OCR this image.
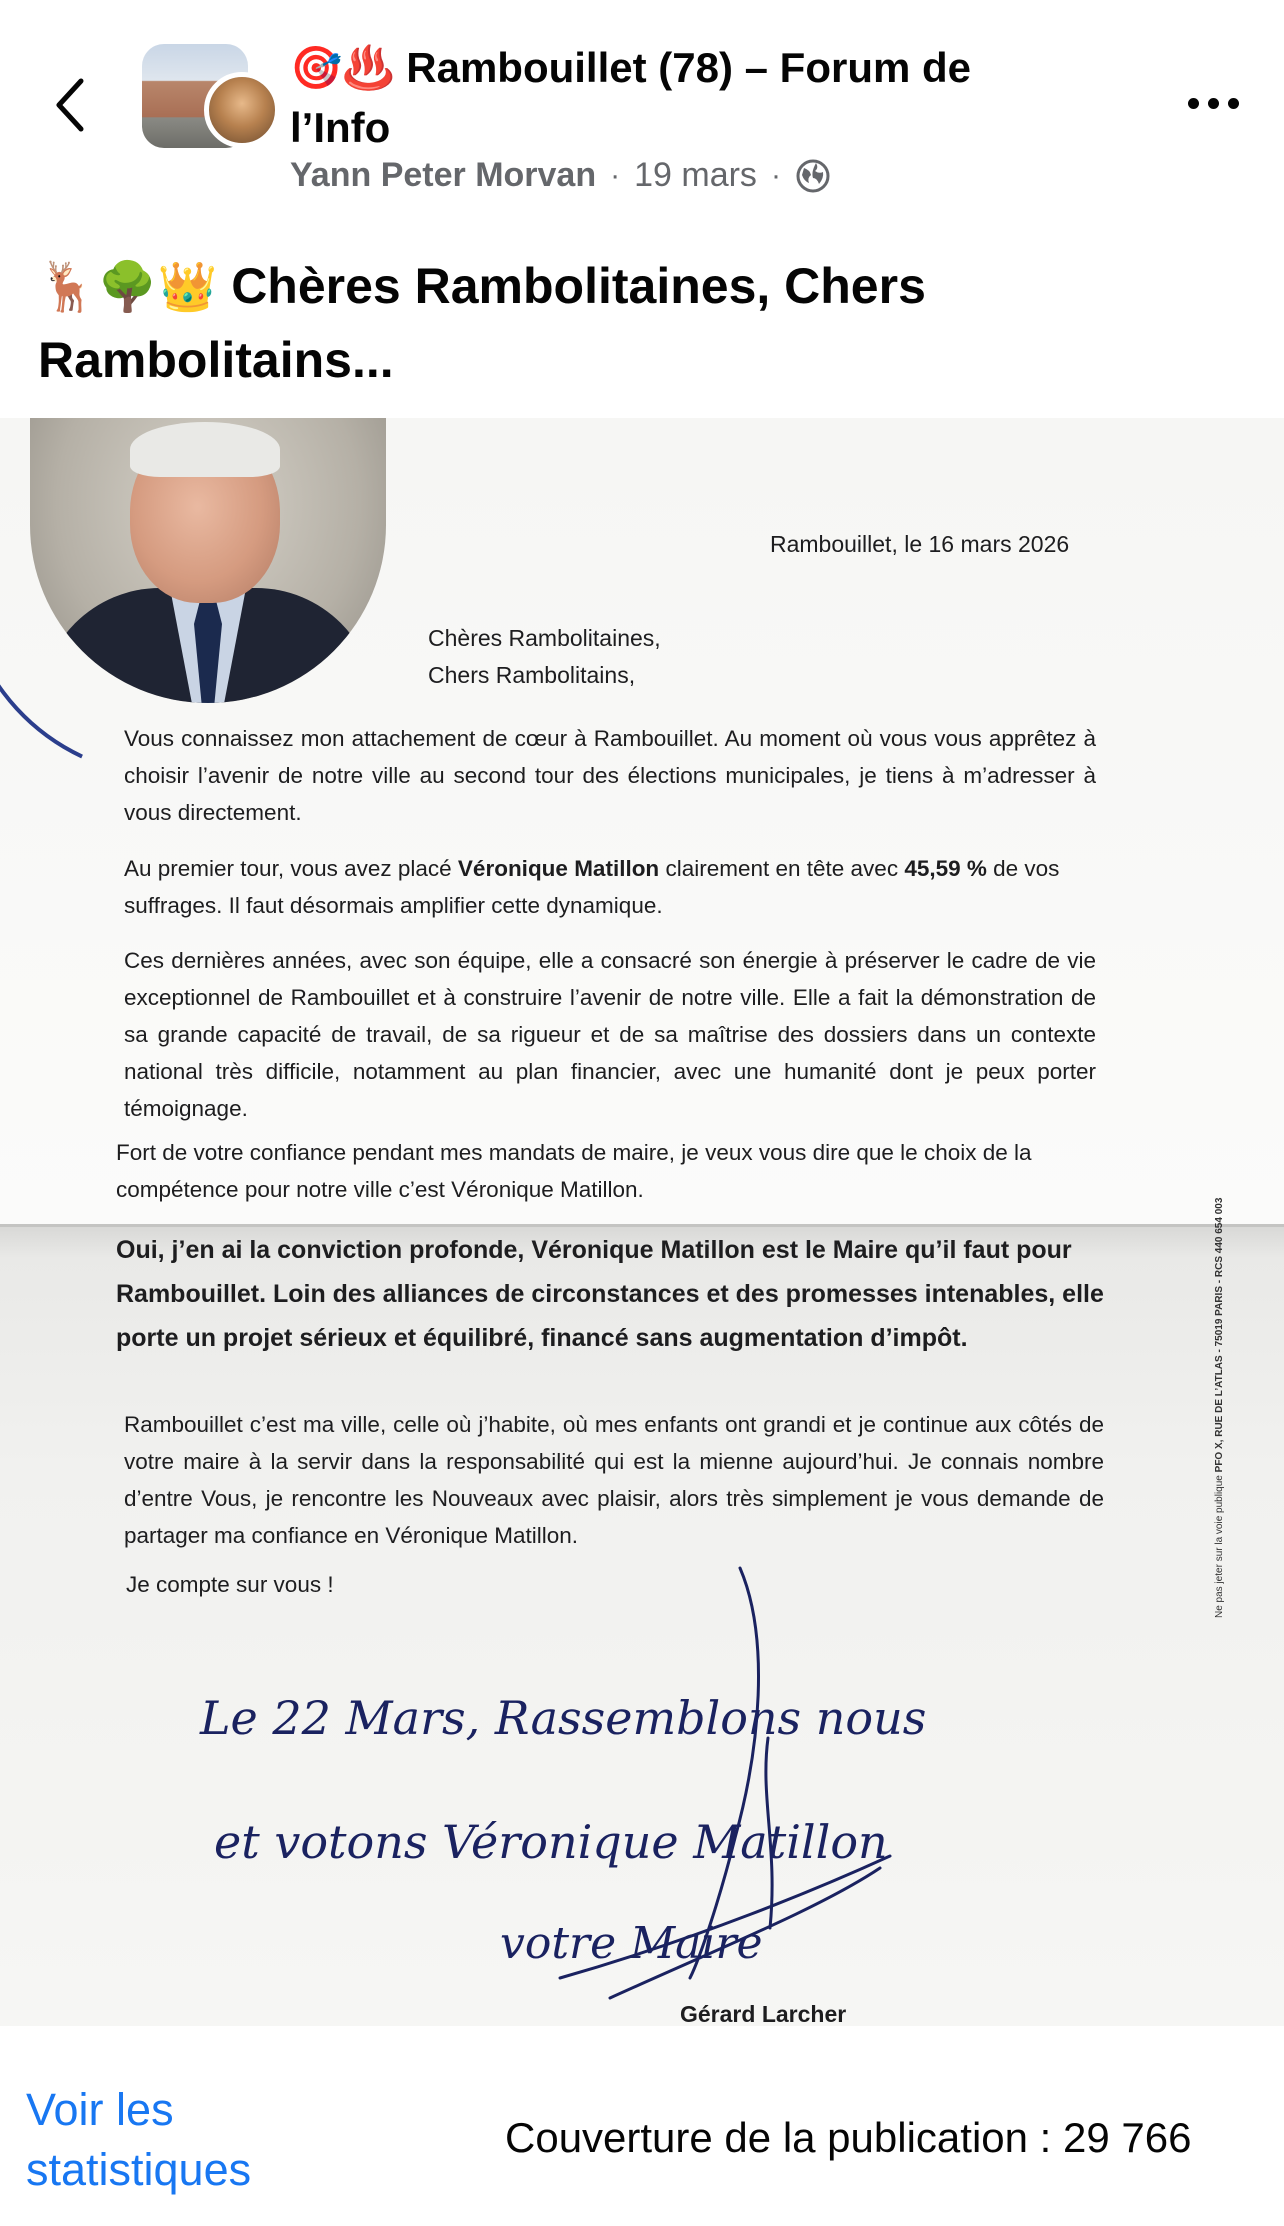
🎯♨️ Rambouillet (78) – Forum de l’Info
Yann Peter Morvan · 19 mars ·
🦌🌳👑 Chères Rambolitaines, Chers Rambolitains...
Rambouillet, le 16 mars 2026
Chères Rambolitaines,
Chers Rambolitains,
Vous connaissez mon attachement de cœur à Rambouillet. Au moment où vous vous apprêtez à choisir l’avenir de notre ville au second tour des élections municipales, je tiens à m’adresser à vous directement.
Au premier tour, vous avez placé Véronique Matillon clairement en tête avec 45,59 % de vos suffrages. Il faut désormais amplifier cette dynamique.
Ces dernières années, avec son équipe, elle a consacré son énergie à préserver le cadre de vie exceptionnel de Rambouillet et à construire l’avenir de notre ville. Elle a fait la démonstration de sa grande capacité de travail, de sa rigueur et de sa maîtrise des dossiers dans un contexte national très difficile, notamment au plan financier, avec une humanité dont je peux porter témoignage.
Fort de votre confiance pendant mes mandats de maire, je veux vous dire que le choix de la compétence pour notre ville c’est Véronique Matillon.
Oui, j’en ai la conviction profonde, Véronique Matillon est le Maire qu’il faut pour Rambouillet. Loin des alliances de circonstances et des promesses intenables, elle porte un projet sérieux et équilibré, financé sans augmentation d’impôt.
Rambouillet c’est ma ville, celle où j’habite, où mes enfants ont grandi et je continue aux côtés de votre maire à la servir dans la responsabilité qui est la mienne aujourd’hui. Je connais nombre d’entre Vous, je rencontre les Nouveaux avec plaisir, alors très simplement je vous demande de partager ma confiance en Véronique Matillon.
Je compte sur vous !
Le 22 Mars, Rassemblons nous
et votons Véronique Matillon
votre Maire
Gérard Larcher
Ne pas jeter sur la voie publique PFO X, RUE DE L’ATLAS - 75019 PARIS - RCS 440 654 003
Voir les statistiques
Couverture de la publication : 29 766
